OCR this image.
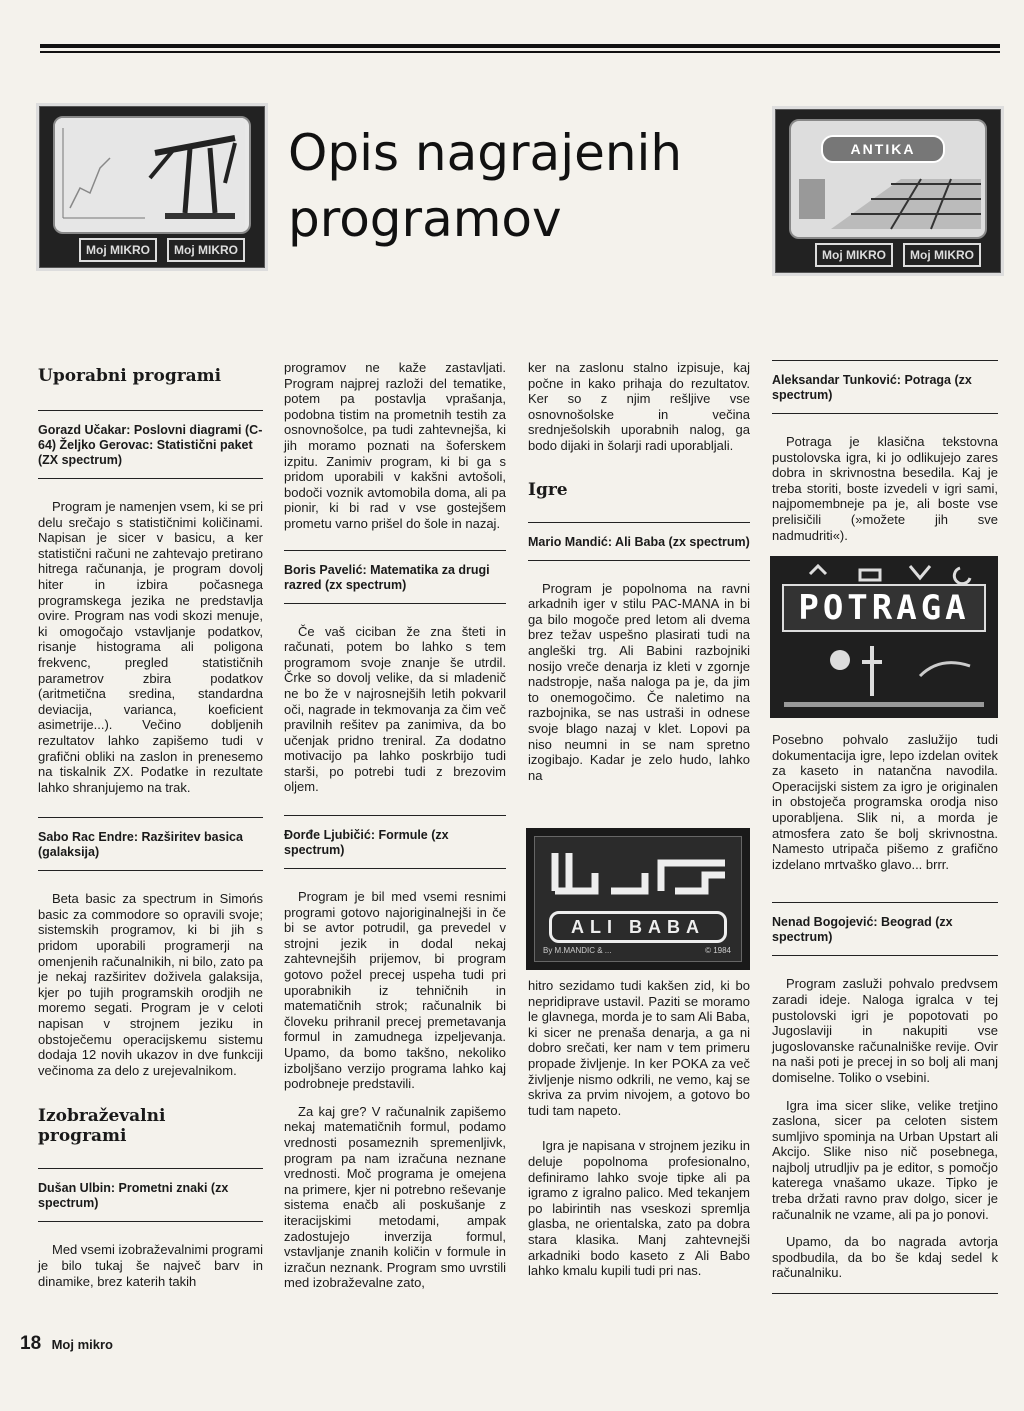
Moj MIKRO	Moj MIKRO
Opis nagrajenih
programov
ANTIKA
Moj MIKRO	Moj MIKRO
Uporabni programi
Gorazd Učakar: Poslovni diagrami (C-64) Željko Gerovac: Statistični paket (ZX spectrum)

Program je namenjen vsem, ki se pri delu srečajo s statističnimi količinami. Napisan je sicer v basicu, a ker statistični računi ne zahtevajo pretirano hitrega računanja, je program dovolj hiter in izbira počasnega programskega jezika ne predstavlja ovire. Program nas vodi skozi menuje, ki omogočajo vstavljanje podatkov, risanje histograma ali poligona frekvenc, pregled statističnih parametrov zbira podatkov (aritmetična sredina, standardna deviacija, varianca, koeficient asimetrije...). Večino dobljenih rezultatov lahko zapišemo tudi v grafični obliki na zaslon in prenesemo na tiskalnik ZX. Podatke in rezultate lahko shranjujemo na trak.

Sabo Rac Endre: Razširitev basica (galaksija)

Beta basic za spectrum in Simońs basic za commodore so opravili svoje; sistemskih programov, ki bi jih s pridom uporabili programerji na omenjenih računalnikih, ni bilo, zato pa je nekaj razširitev doživela galaksija, kjer po tujih programskih orodjih ne moremo segati. Program je v celoti napisan v strojnem jeziku in obstoječemu operacijskemu sistemu dodaja 12 novih ukazov in dve funkciji večinoma za delo z urejevalnikom.

Izobraževalni programi
Dušan Ulbin: Prometni znaki (zx spectrum)

Med vsemi izobraževalnimi programi je bilo tukaj še največ barv in dinamike, brez katerih takih

programov ne kaže zastavljati. Program najprej razloži del tematike, potem pa postavlja vprašanja, podobna tistim na prometnih testih za osnovnošolce, pa tudi zahtevnejša, ki jih moramo poznati na šoferskem izpitu. Zanimiv program, ki bi ga s pridom uporabili v kakšni avtošoli, bodoči voznik avtomobila doma, ali pa pionir, ki bi rad v vse gostejšem prometu varno prišel do šole in nazaj.

Boris Pavelić: Matematika za drugi razred (zx spectrum)

Če vaš ciciban že zna šteti in računati, potem bo lahko s tem programom svoje znanje še utrdil. Črke so dovolj velike, da si mladenič ne bo že v najrosnejših letih pokvaril oči, nagrade in tekmovanja za čim več pravilnih rešitev pa zanimiva, da bo učenjak pridno treniral. Za dodatno motivacijo pa lahko poskrbijo tudi starši, po potrebi tudi z brezovim oljem.

Đorđe Ljubičić: Formule (zx spectrum)

Program je bil med vsemi resnimi programi gotovo najoriginalnejši in če bi se avtor potrudil, ga prevedel v strojni jezik in dodal nekaj zahtevnejših prijemov, bi program gotovo požel precej uspeha tudi pri uporabnikih iz tehničnih in matematičnih strok; računalnik bi človeku prihranil precej premetavanja formul in zamudnega izpeljevanja. Upamo, da bomo takšno, nekoliko izboljšano verzijo programa lahko kaj podrobneje predstavili.

Za kaj gre? V računalnik zapišemo nekaj matematičnih formul, podamo vrednosti posameznih spremenljivk, program pa nam izračuna neznane vrednosti. Moč programa je omejena na primere, kjer ni potrebno reševanje sistema enačb ali poskušanje z iteracijskimi metodami, ampak zadostujejo inverzija formul, vstavljanje znanih količin v formule in izračun neznank. Program smo uvrstili med izobraževalne zato,

ker na zaslonu stalno izpisuje, kaj počne in kako prihaja do rezultatov. Ker so z njim rešljive vse osnovnošolske in večina srednješolskih uporabnih nalog, ga bodo dijaki in šolarji radi uporabljali.

Igre
Mario Mandić: Ali Baba (zx spectrum)

Program je popolnoma na ravni arkadnih iger v stilu PAC-MANA in bi ga bilo mogoče pred letom ali dvema brez težav uspešno plasirati tudi na angleški trg. Ali Babini razbojniki nosijo vreče denarja iz kleti v zgornje nadstropje, naša naloga pa je, da jim to onemogočimo. Če naletimo na razbojnika, se nas ustraši in odnese svoje blago nazaj v klet. Lopovi pa niso neumni in se nam spretno izogibajo. Kadar je zelo hudo, lahko na

ALI BABA
By M.MANDIC & ...	© 1984

hitro sezidamo tudi kakšen zid, ki bo nepridiprave ustavil. Paziti se moramo le glavnega, morda je to sam Ali Baba, ki sicer ne prenaša denarja, a ga ni dobro srečati, ker nam v tem primeru propade življenje. In ker POKA za več življenje nismo odkrili, ne vemo, kaj se skriva za prvim nivojem, a gotovo bo tudi tam napeto.

Igra je napisana v strojnem jeziku in deluje popolnoma profesionalno, definiramo lahko svoje tipke ali pa igramo z igralno palico. Med tekanjem po labirintih nas vseskozi spremlja glasba, ne orientalska, zato pa dobra stara klasika. Manj zahtevnejši arkadniki bodo kaseto z Ali Babo lahko kmalu kupili tudi pri nas.

Aleksandar Tunković: Potraga (zx spectrum)

Potraga je klasična tekstovna pustolovska igra, ki jo odlikujejo zares dobra in skrivnostna besedila. Kaj je treba storiti, boste izvedeli v igri sami, najpomembneje pa je, ali boste vse prelisičili (»možete jih sve nadmudriti«).

POTRAGA

Posebno pohvalo zaslužijo tudi dokumentacija igre, lepo izdelan ovitek za kaseto in natančna navodila. Operacijski sistem za igro je originalen in obstoječa programska orodja niso uporabljena. Slik ni, a morda je atmosfera zato še bolj skrivnostna. Namesto utripača pišemo z grafično izdelano mrtvaško glavo... brrr.

Nenad Bogojević: Beograd (zx spectrum)

Program zasluži pohvalo predvsem zaradi ideje. Naloga igralca v tej pustolovski igri je popotovati po Jugoslaviji in nakupiti vse jugoslovanske računalniške revije. Ovir na naši poti je precej in so bolj ali manj domiselne. Toliko o vsebini.

Igra ima sicer slike, velike tretjino zaslona, sicer pa celoten sistem sumljivo spominja na Urban Upstart ali Akcijo. Slike niso nič posebnega, najbolj utrudljiv pa je editor, s pomočjo katerega vnašamo ukaze. Tipko je treba držati ravno prav dolgo, sicer je računalnik ne vzame, ali pa jo ponovi.

Upamo, da bo nagrada avtorja spodbudila, da bo še kdaj sedel k računalniku.

18 Moj mikro
